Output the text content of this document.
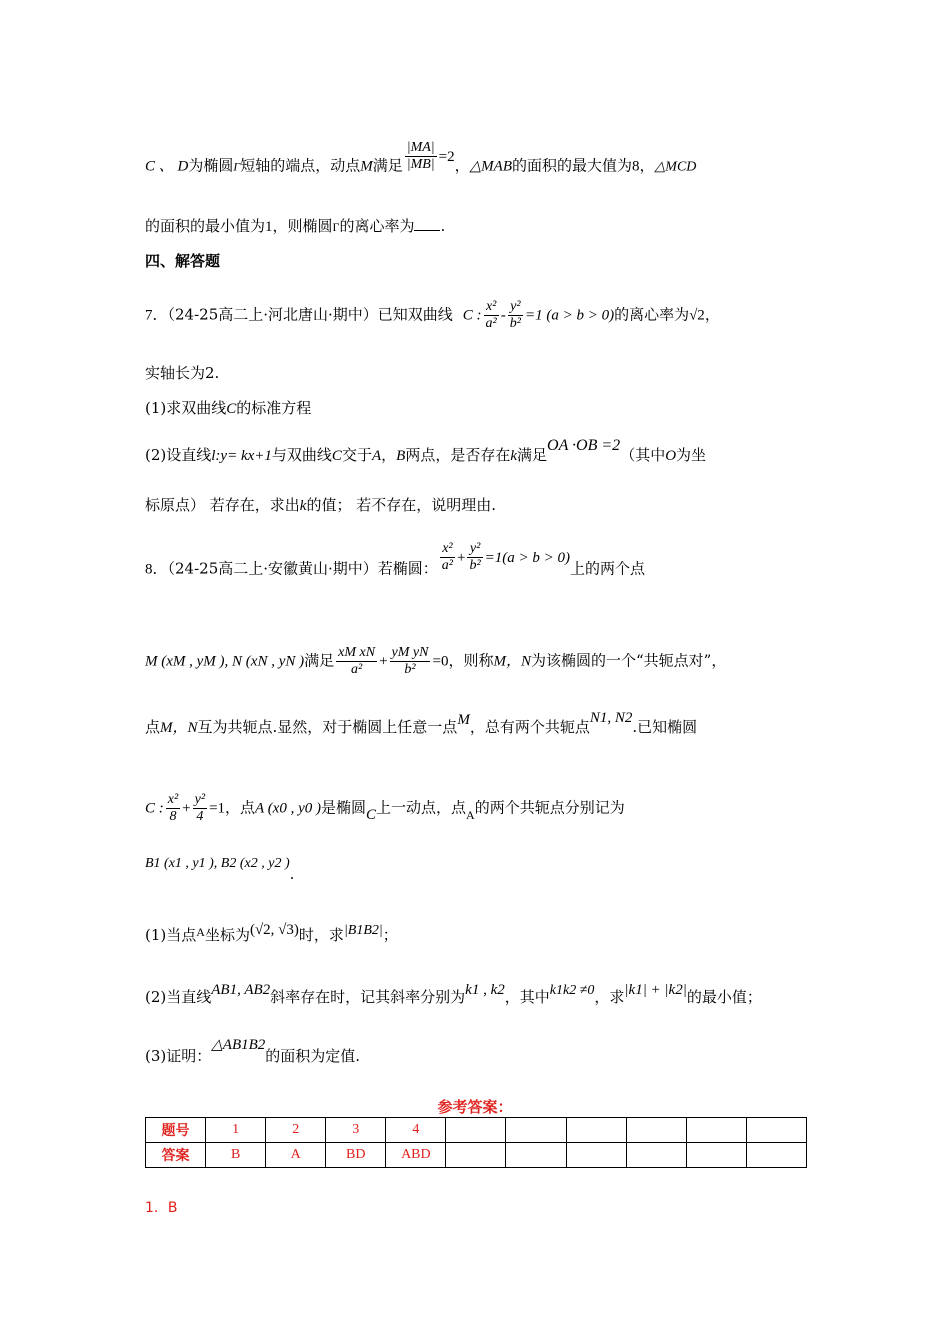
C 、 D为椭圆Γ短轴的端点，动点M满足 $\frac{|MA|}{|MB|} =2$，△MAB的面积的最大值为8，△MCD
的面积的最小值为1，则椭圆Γ的离心率为 .
四、解答题
7．（24-25高二上·河北唐山·期中）已知双曲线 C : $\frac{\text{x²}}{\text{a²}} - \frac{\text{y²}}{\text{b²}} =1$ (a > b > 0)的离心率为√2，
实轴长为2.
(1)求双曲线C的标准方程
(2)设直线l:y= kx+1与双曲线C交于A，B两点，是否存在k满足OA ·OB =2（其中O为坐
标原点） 若存在，求出k的值； 若不存在，说明理由.
8．（24-25高二上·安徽黄山·期中）若椭圆： $\frac{\text{x²}}{\text{a²}} + \frac{\text{y²}}{\text{b²}} =1(a > b > 0)$上的两个点
M (xM , yM ), N (xN , yN )满足 $\frac{\text{xM xN}}{\text{a²}} + \frac{\text{yM yN}}{\text{b²}} =0$，则称M，N为该椭圆的一个“共轭点对”，
点M，N互为共轭点.显然，对于椭圆上任意一点M，总有两个共轭点N1, N2.已知椭圆
C : $\frac{\text{x²}}{8} + \frac{\text{y²}}{4} =1$，点A (x0 , y0 )是椭圆C上一动点，点$_A$的两个共轭点分别记为
B1 (x1 , y1 ), B2 (x2 , y2 ).
(1)当点$^A$坐标为(√2, √3)时，求|B1B2|；
(2)当直线AB1, AB2斜率存在时，记其斜率分别为k1 , k2，其中k1k2 ≠0，求|k1| + |k2|的最小值；
(3)证明：△AB1B2的面积为定值.
参考答案：
题号	1	2	3	4						
答案	B	A	BD	ABD						
1．B
